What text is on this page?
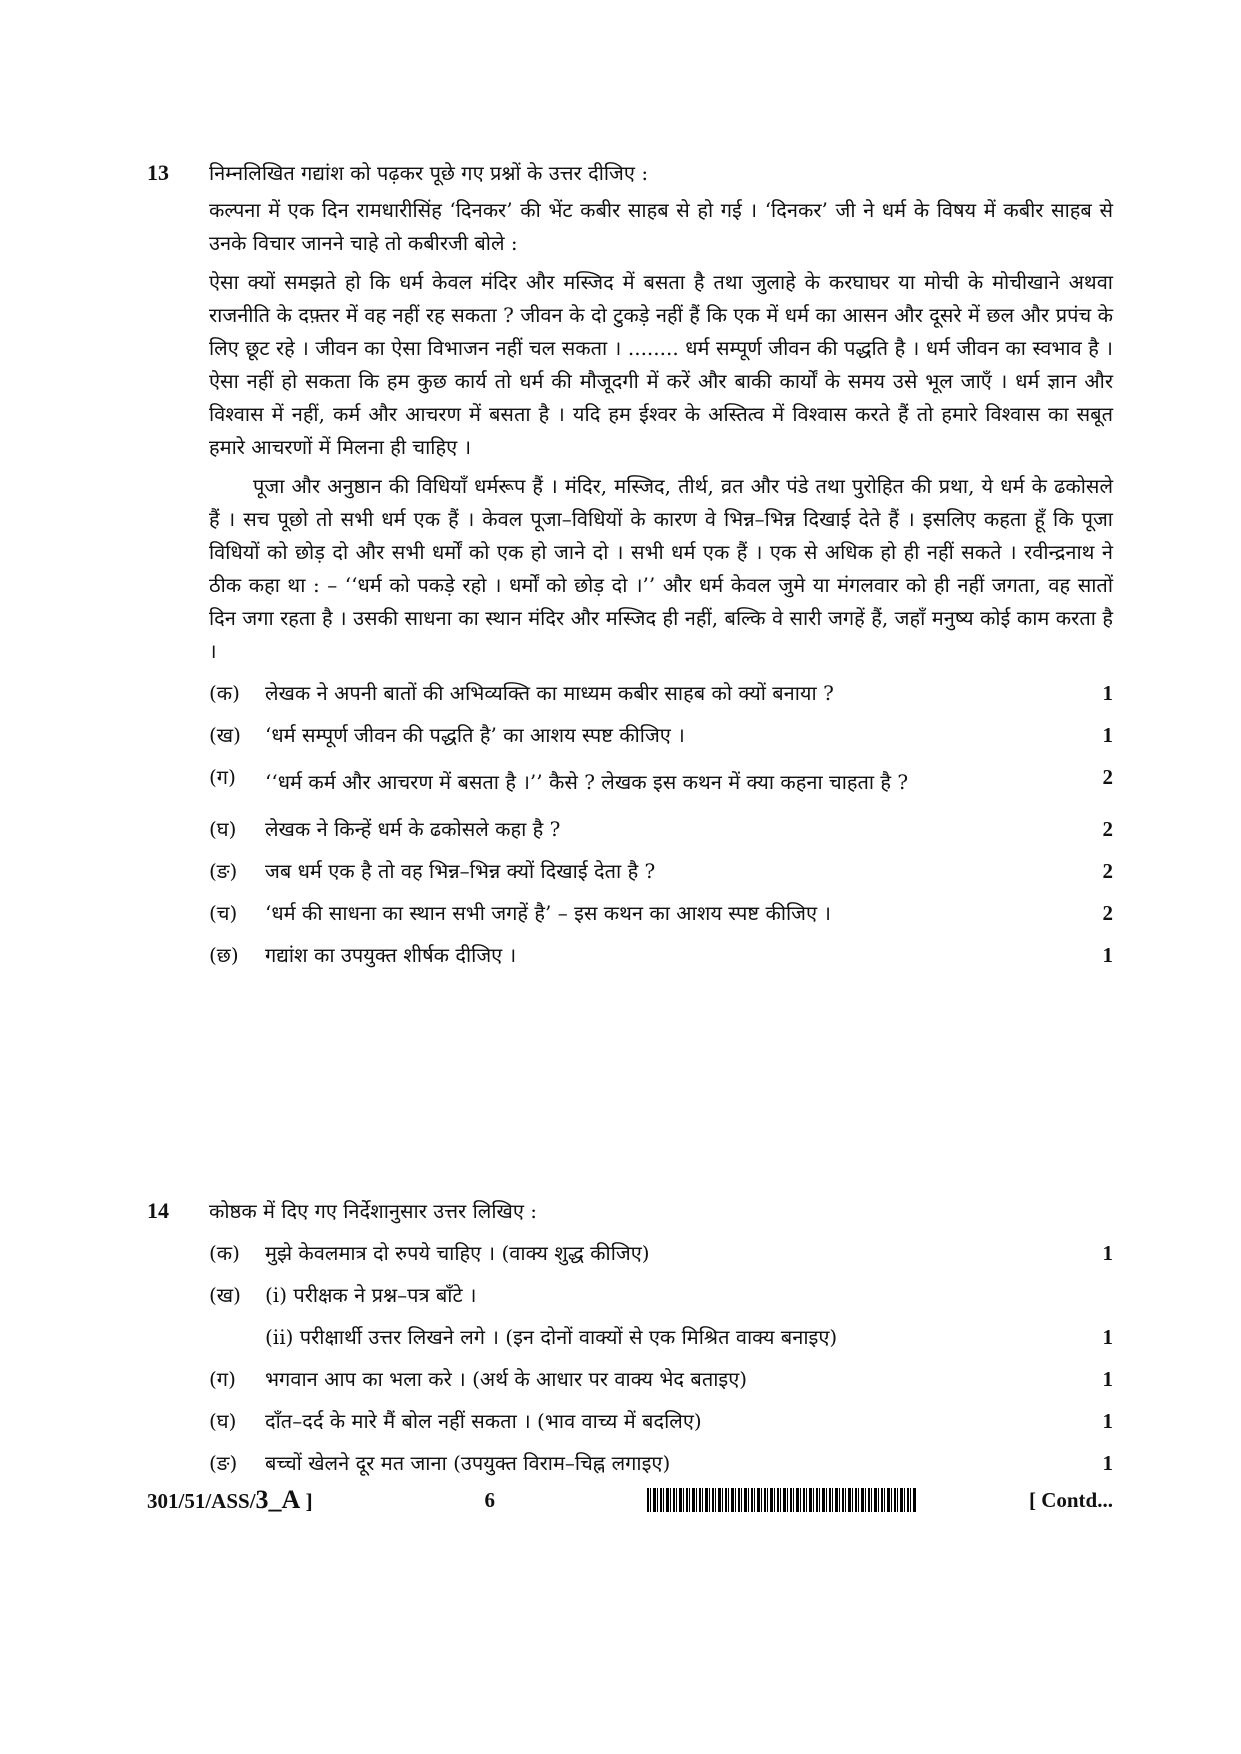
13	निम्नलिखित गद्यांश को पढ़कर पूछे गए प्रश्नों के उत्तर दीजिए :

कल्पना में एक दिन रामधारीसिंह ‘दिनकर’ की भेंट कबीर साहब से हो गई । ‘दिनकर’ जी ने धर्म के विषय में कबीर साहब से उनके विचार जानने चाहे तो कबीरजी बोले :

ऐसा क्यों समझते हो कि धर्म केवल मंदिर और मस्जिद में बसता है तथा जुलाहे के करघाघर या मोची के मोचीखाने अथवा राजनीति के दफ़्तर में वह नहीं रह सकता ? जीवन के दो टुकड़े नहीं हैं कि एक में धर्म का आसन और दूसरे में छल और प्रपंच के लिए छूट रहे । जीवन का ऐसा विभाजन नहीं चल सकता । ........ धर्म सम्पूर्ण जीवन की पद्धति है । धर्म जीवन का स्वभाव है । ऐसा नहीं हो सकता कि हम कुछ कार्य तो धर्म की मौजूदगी में करें और बाकी कार्यों के समय उसे भूल जाएँ । धर्म ज्ञान और विश्वास में नहीं, कर्म और आचरण में बसता है । यदि हम ईश्वर के अस्तित्व में विश्वास करते हैं तो हमारे विश्वास का सबूत हमारे आचरणों में मिलना ही चाहिए ।

पूजा और अनुष्ठान की विधियाँ धर्मरूप हैं । मंदिर, मस्जिद, तीर्थ, व्रत और पंडे तथा पुरोहित की प्रथा, ये धर्म के ढकोसले हैं । सच पूछो तो सभी धर्म एक हैं । केवल पूजा–विधियों के कारण वे भिन्न–भिन्न दिखाई देते हैं । इसलिए कहता हूँ कि पूजा विधियों को छोड़ दो और सभी धर्मों को एक हो जाने दो । सभी धर्म एक हैं । एक से अधिक हो ही नहीं सकते । रवीन्द्रनाथ ने ठीक कहा था : – ‘‘धर्म को पकड़े रहो । धर्मों को छोड़ दो ।’’ और धर्म केवल जुमे या मंगलवार को ही नहीं जगता, वह सातों दिन जगा रहता है । उसकी साधना का स्थान मंदिर और मस्जिद ही नहीं, बल्कि वे सारी जगहें हैं, जहाँ मनुष्य कोई काम करता है ।

(क)	लेखक ने अपनी बातों की अभिव्यक्ति का माध्यम कबीर साहब को क्यों बनाया ?	1
(ख)	‘धर्म सम्पूर्ण जीवन की पद्धति है’ का आशय स्पष्ट कीजिए ।	1
(ग)	‘‘धर्म कर्म और आचरण में बसता है ।’’ कैसे ? लेखक इस कथन में क्या कहना चाहता है ?	2
(घ)	लेखक ने किन्हें धर्म के ढकोसले कहा है ?	2
(ङ)	जब धर्म एक है तो वह भिन्न–भिन्न क्यों दिखाई देता है ?	2
(च)	‘धर्म की साधना का स्थान सभी जगहें है’ – इस कथन का आशय स्पष्ट कीजिए ।	2
(छ)	गद्यांश का उपयुक्त शीर्षक दीजिए ।	1
14	कोष्ठक में दिए गए निर्देशानुसार उत्तर लिखिए :
(क)	मुझे केवलमात्र दो रुपये चाहिए । (वाक्य शुद्ध कीजिए)	1
(ख)	(i) परीक्षक ने प्रश्न–पत्र बाँटे ।
(ii) परीक्षार्थी उत्तर लिखने लगे । (इन दोनों वाक्यों से एक मिश्रित वाक्य बनाइए)	1
(ग)	भगवान आप का भला करे । (अर्थ के आधार पर वाक्य भेद बताइए)	1
(घ)	दाँत–दर्द के मारे मैं बोल नहीं सकता । (भाव वाच्य में बदलिए)	1
(ङ)	बच्चों खेलने दूर मत जाना (उपयुक्त विराम–चिह्न लगाइए)	1
301/51/ASS/3_A ]	6	[ Contd...
